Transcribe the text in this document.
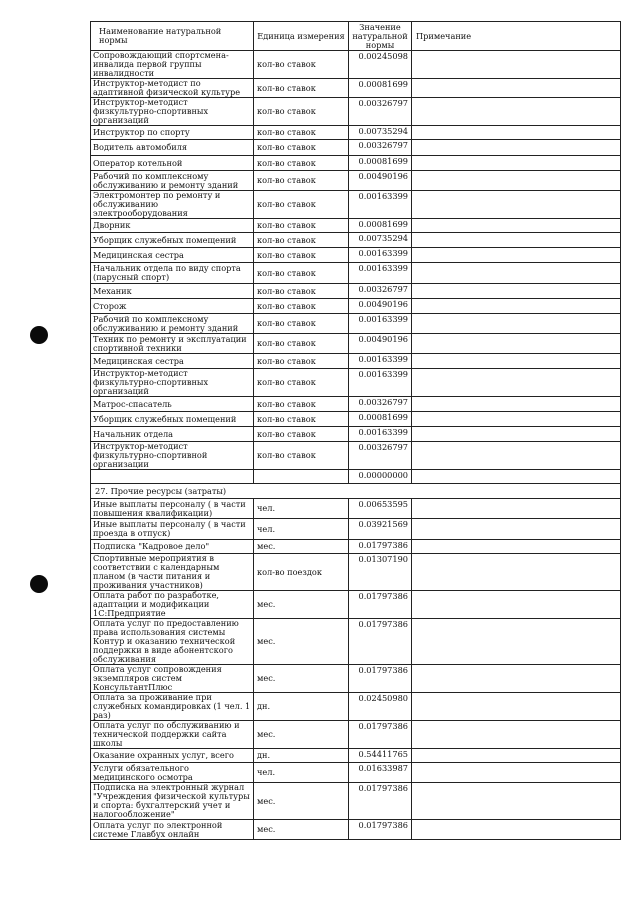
Наименование натуральной нормы	Единица измерения	Значение натуральной нормы	Примечание
Сопровождающий спортсмена-инвалида первой группы инвалидности	кол-во ставок	0.00245098	
Инструктор-методист по адаптивной физической культуре	кол-во ставок	0.00081699	
Инструктор-методист физкультурно-спортивных организаций	кол-во ставок	0.00326797	
Инструктор по спорту	кол-во ставок	0.00735294	
Водитель автомобиля	кол-во ставок	0.00326797	
Оператор котельной	кол-во ставок	0.00081699	
Рабочий по комплексному обслуживанию и ремонту зданий	кол-во ставок	0.00490196	
Электромонтер по ремонту и обслуживанию электрооборудования	кол-во ставок	0.00163399	
Дворник	кол-во ставок	0.00081699	
Уборщик служебных помещений	кол-во ставок	0.00735294	
Медицинская сестра	кол-во ставок	0.00163399	
Начальник отдела по виду спорта (парусный спорт)	кол-во ставок	0.00163399	
Механик	кол-во ставок	0.00326797	
Сторож	кол-во ставок	0.00490196	
Рабочий по комплексному обслуживанию и ремонту зданий	кол-во ставок	0.00163399	
Техник по ремонту и эксплуатации спортивной техники	кол-во ставок	0.00490196	
Медицинская сестра	кол-во ставок	0.00163399	
Инструктор-методист физкультурно-спортивных организаций	кол-во ставок	0.00163399	
Матрос-спасатель	кол-во ставок	0.00326797	
Уборщик служебных помещений	кол-во ставок	0.00081699	
Начальник отдела	кол-во ставок	0.00163399	
Инструктор-методист физкультурно-спортивной организации	кол-во ставок	0.00326797	
		0.00000000	
27. Прочие ресурсы (затраты)			
Иные выплаты персоналу ( в части повышения квалификации)	чел.	0.00653595	
Иные выплаты персоналу ( в части проезда в отпуск)	чел.	0.03921569	
Подписка "Кадровое дело"	мес.	0.01797386	
Спортивные мероприятия в соответствии с календарным планом (в части питания и проживания участников)	кол-во поездок	0.01307190	
Оплата работ по разработке, адаптации и модификации 1С:Предприятие	мес.	0.01797386	
Оплата услуг по предоставлению права использования системы Контур и оказанию технической поддержки в виде абонентского обслуживания	мес.	0.01797386	
Оплата услуг сопровождения экземпляров систем КонсультантПлюс	мес.	0.01797386	
Оплата за проживание при служебных командировках (1 чел. 1 раз)	дн.	0.02450980	
Оплата услуг по обслуживанию и технической поддержки сайта школы	мес.	0.01797386	
Оказание охранных услуг, всего	дн.	0.54411765	
Услуги обязательного медицинского осмотра	чел.	0.01633987	
Подписка на электронный журнал "Учреждения физической культуры и спорта: бухгалтерский учет и налогообложение"	мес.	0.01797386	
Оплата услуг по электронной системе Главбух онлайн	мес.	0.01797386	
